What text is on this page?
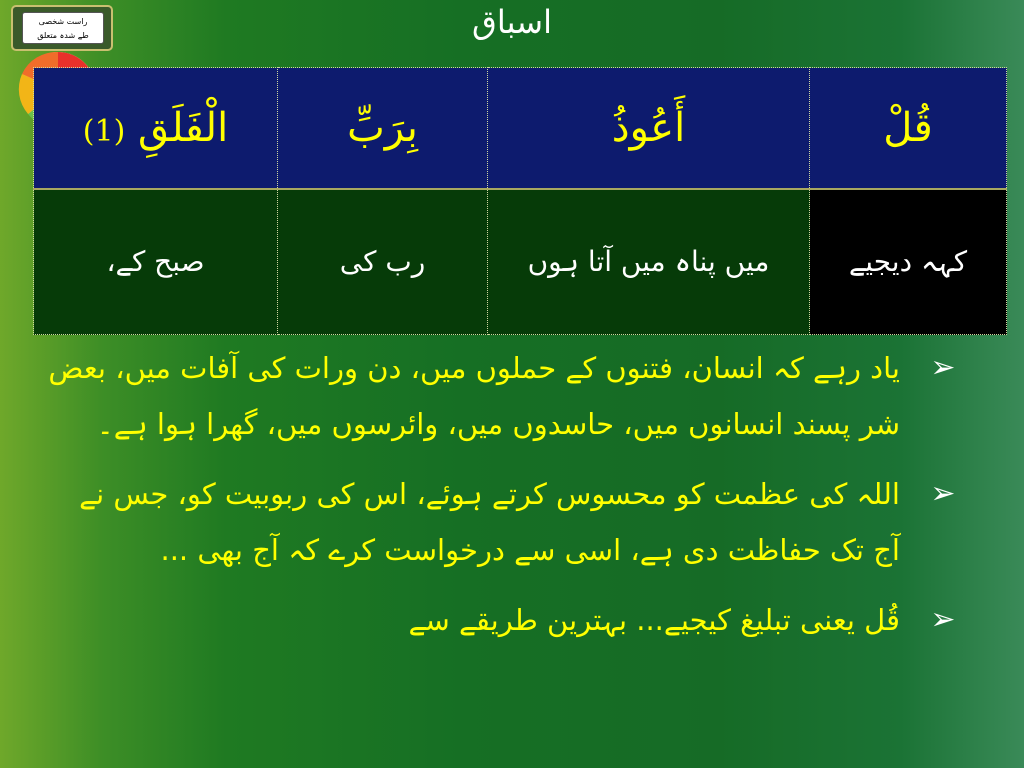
اسباق
راست شخصی
طے شدہ متعلق
الْفَلَقِ (1)	بِرَبِّ	أَعُوذُ	قُلْ
صبح کے،	رب کی	میں پناہ میں آتا ہوں	کہہ دیجیے
➢
یاد رہے کہ انسان، فتنوں کے حملوں میں، دن ورات کی آفات میں، بعض شر پسند انسانوں میں، حاسدوں میں، وائرسوں میں، گھرا ہوا ہے۔
➢
اللہ کی عظمت کو محسوس کرتے ہوئے، اس کی ربوبیت کو، جس نے آج تک حفاظت دی ہے، اسی سے درخواست کرے کہ آج بھی ...
➢
قُل یعنی تبلیغ کیجیے... بہترین طریقے سے
